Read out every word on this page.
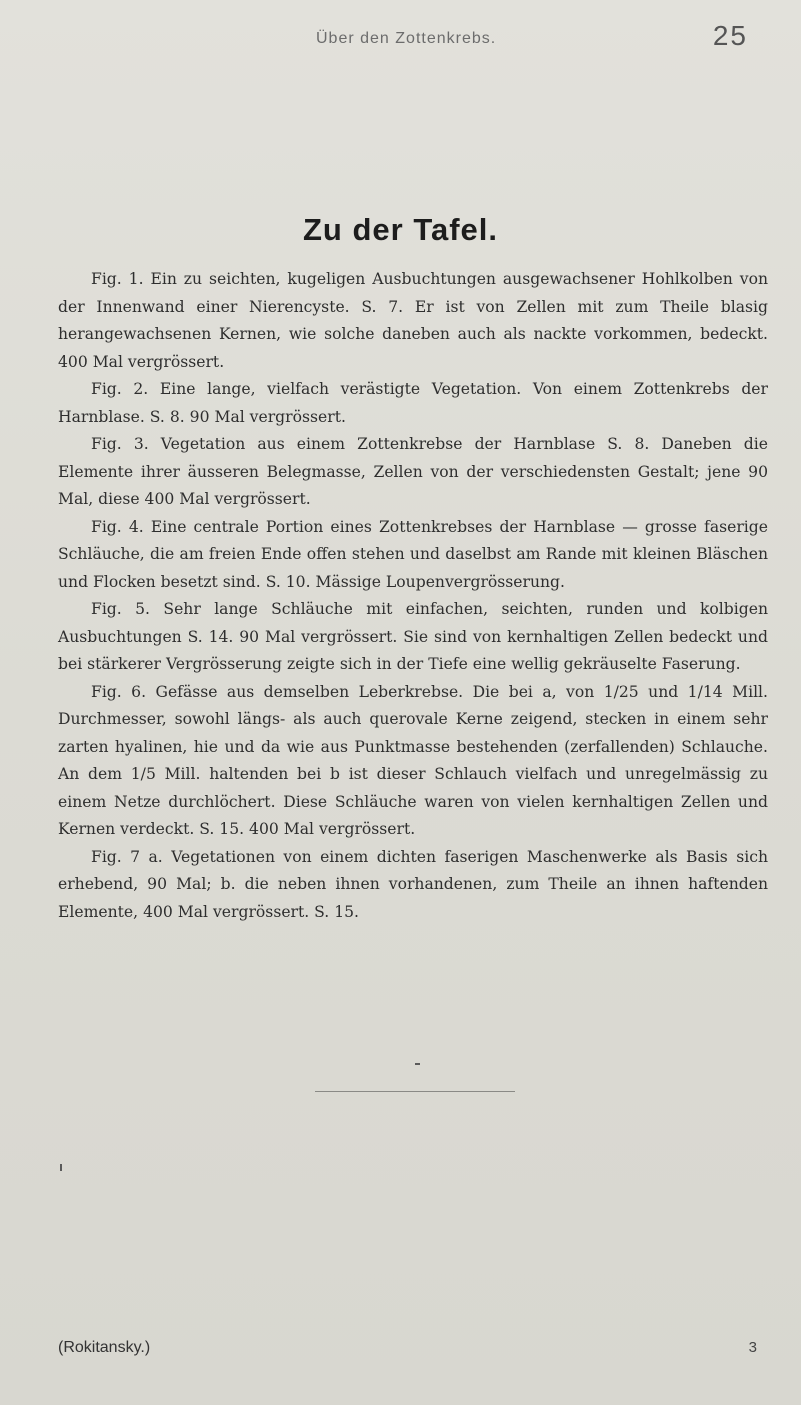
Über den Zottenkrebs.	25
Zu der Tafel.

Fig. 1. Ein zu seichten, kugeligen Ausbuchtungen ausgewachsener Hohlkolben von der Innenwand einer Nierencyste. S. 7. Er ist von Zellen mit zum Theile blasig herangewachsenen Kernen, wie solche daneben auch als nackte vorkommen, bedeckt. 400 Mal vergrössert.

Fig. 2. Eine lange, vielfach verästigte Vegetation. Von einem Zottenkrebs der Harnblase. S. 8. 90 Mal vergrössert.

Fig. 3. Vegetation aus einem Zottenkrebse der Harnblase S. 8. Daneben die Elemente ihrer äusseren Belegmasse, Zellen von der verschiedensten Gestalt; jene 90 Mal, diese 400 Mal vergrössert.

Fig. 4. Eine centrale Portion eines Zottenkrebses der Harnblase — grosse faserige Schläuche, die am freien Ende offen stehen und daselbst am Rande mit kleinen Bläschen und Flocken besetzt sind. S. 10. Mässige Loupenvergrösserung.

Fig. 5. Sehr lange Schläuche mit einfachen, seichten, runden und kolbigen Ausbuchtungen S. 14. 90 Mal vergrössert. Sie sind von kernhaltigen Zellen bedeckt und bei stärkerer Vergrösserung zeigte sich in der Tiefe eine wellig gekräuselte Faserung.

Fig. 6. Gefässe aus demselben Leberkrebse. Die bei a, von 1/25 und 1/14 Mill. Durchmesser, sowohl längs- als auch querovale Kerne zeigend, stecken in einem sehr zarten hyalinen, hie und da wie aus Punktmasse bestehenden (zerfallenden) Schlauche. An dem 1/5 Mill. haltenden bei b ist dieser Schlauch vielfach und unregelmässig zu einem Netze durchlöchert. Diese Schläuche waren von vielen kernhaltigen Zellen und Kernen verdeckt. S. 15. 400 Mal vergrössert.

Fig. 7 a. Vegetationen von einem dichten faserigen Maschenwerke als Basis sich erhebend, 90 Mal; b. die neben ihnen vorhandenen, zum Theile an ihnen haftenden Elemente, 400 Mal vergrössert. S. 15.

(Rokitansky.)	3
